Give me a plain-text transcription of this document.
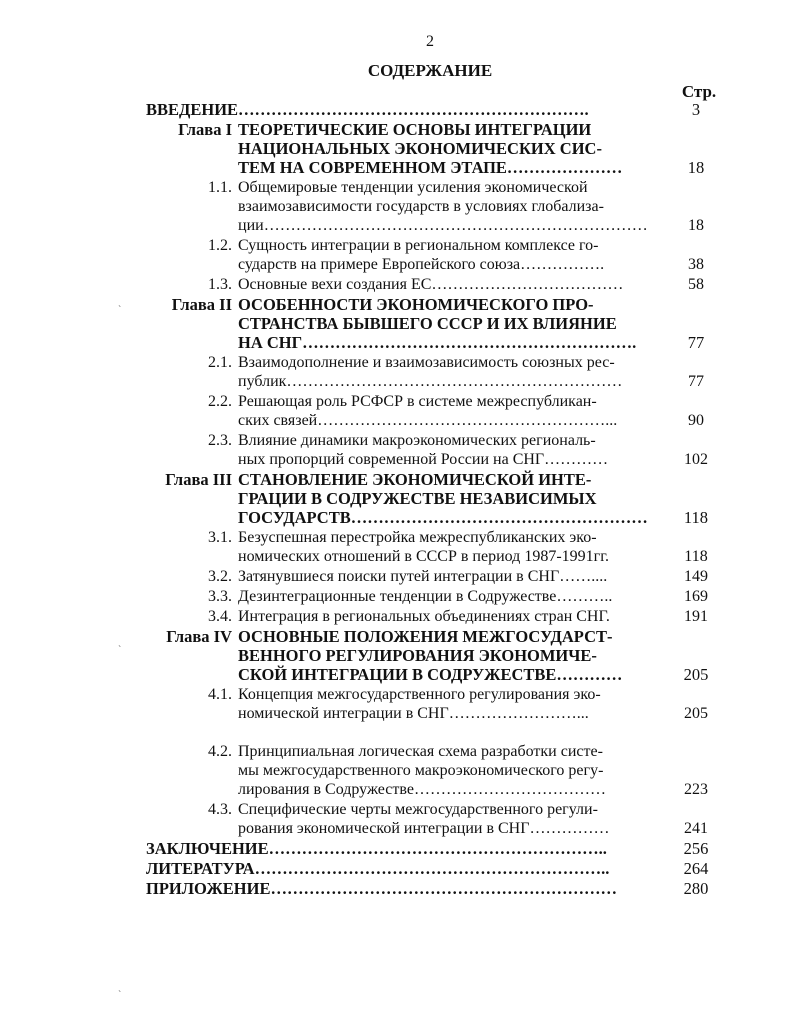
2
СОДЕРЖАНИЕ
Стр.
ВВЕДЕНИЕ……………………………………………………….	3
Глава I ТЕОРЕТИЧЕСКИЕ ОСНОВЫ ИНТЕГРАЦИИ
НАЦИОНАЛЬНЫХ ЭКОНОМИЧЕСКИХ СИС-
ТЕМ НА СОВРЕМЕННОМ ЭТАПЕ…………………	18
1.1. Общемировые тенденции усиления экономической
взаимозависимости государств в условиях глобализа-
ции………………………………………………………………	18
1.2. Сущность интеграции в региональном комплексе го-
сударств на примере Европейского союза…………….	38
1.3. Основные вехи создания ЕС………………………………	58
Глава II ОСОБЕННОСТИ ЭКОНОМИЧЕСКОГО ПРО-
СТРАНСТВА БЫВШЕГО СССР И ИХ ВЛИЯНИЕ
НА СНГ…………………………………………………….	77
2.1. Взаимодополнение и взаимозависимость союзных рес-
публик………………………………………………………	77
2.2. Решающая роль РСФСР в системе межреспубликан-
ских связей………………………………………………...	90
2.3. Влияние динамики макроэкономических региональ-
ных пропорций современной России на СНГ…………	102
Глава III СТАНОВЛЕНИЕ ЭКОНОМИЧЕСКОЙ ИНТЕ-
ГРАЦИИ В СОДРУЖЕСТВЕ НЕЗАВИСИМЫХ
ГОСУДАРСТВ………………………………………………	118
3.1. Безуспешная перестройка межреспубликанских эко-
номических отношений в СССР в период 1987-1991гг.	118
3.2. Затянувшиеся поиски путей интеграции в СНГ……....	149
3.3. Дезинтеграционные тенденции в Содружестве………..	169
3.4. Интеграция в региональных объединениях стран СНГ.	191
Глава IV ОСНОВНЫЕ ПОЛОЖЕНИЯ МЕЖГОСУДАРСТ-
ВЕННОГО РЕГУЛИРОВАНИЯ ЭКОНОМИЧЕ-
СКОЙ ИНТЕГРАЦИИ В СОДРУЖЕСТВЕ…………	205
4.1. Концепция межгосударственного регулирования эко-
номической интеграции в СНГ……………………...	205
4.2. Принципиальная логическая схема разработки систе-
мы межгосударственного макроэкономического регу-
лирования в Содружестве………………………………	223
4.3. Специфические черты межгосударственного регули-
рования экономической интеграции в СНГ……………	241
ЗАКЛЮЧЕНИЕ……………………………………………………..	256
ЛИТЕРАТУРА………………………………………………………..	264
ПРИЛОЖЕНИЕ………………………………………………………	280
`
`
`
